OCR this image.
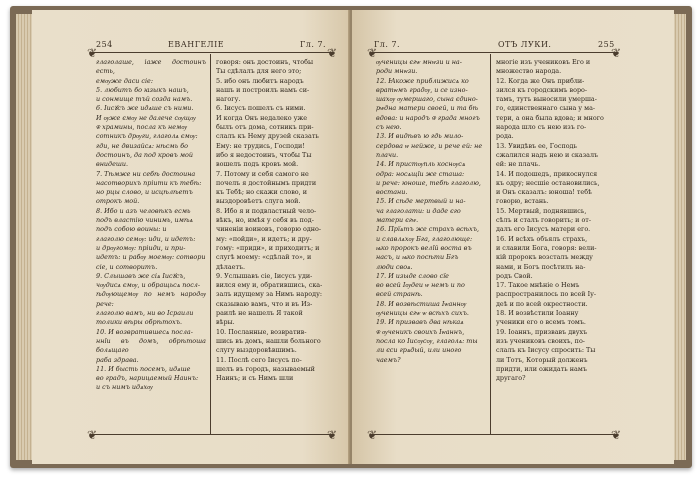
254	ЕВАНГЕЛІЕ	Гл. 7.
❦	❦
❦	❦

глаголаше, іаже достоинъ есть,
емѹже даси сіе:
5. любитъ бо ꙗзыкъ нашъ,
и сонмище тъй созда намъ.
6. Іисꙋсъ же идѧше съ ними.
И ѹже ємѹ не далече сѹщѹ
ѿ храмины, посла къ немѹ
сотникъ дрѹги, глаголѧ ємѹ:
гди, не двизайсѧ: нѣсмь бо
достоинъ, да под кровъ мой
внидеши.
7. Тѣмже ни себѣ достоина
насотворихъ пріити къ тебѣ:
но рцы слово, и исцѣлѣетъ
отрокъ мой.
8. Ибо и азъ человѣкъ есмь
подъ властію чинимь, имѣѧ
подъ собою воины: и
глаголю семѹ: иди, и идетъ:
и дрѹгомѹ: пріиди, и при-
идетъ: и рабѹ моемѹ: сотвори
сіе, и сотворитъ.
9. Слышавъ же сіѧ Іисꙋсъ,
чѹдисѧ ємѹ, и обращьсѧ посл-
ѣдѹющемѹ по немъ народѹ рече:
глаголю вамъ, ни во Ісраили
толики вѣры обрѣтохъ.
10. И возвратившесѧ посла-
ннїи въ домъ, обрѣтоша болѧщаго
раба здрава.
11. И бысть посемъ, идѧше
во градъ, нарицаемый Наинъ:
и съ нимъ идѧхѹ

говоря: онъ достоинъ, чтобы
Ты сдѣлалъ для него это;
5. ибо онъ любитъ народъ
нашъ и построилъ намъ си-
нагогу.
6. Іисусъ пошелъ съ ними.
И когда Онъ недалеко уже
былъ отъ дома, сотникъ при-
слалъ къ Нему друзей сказать
Ему: не трудись, Господи!
ибо я недостоинъ, чтобы Ты
вошелъ подъ кровъ мой.
7. Потому и себя самого не
почелъ я достойнымъ придти
къ Тебѣ; но скажи слово, и
выздоровѣетъ слуга мой.
8. Ибо я и подвластный чело-
вѣкъ, но, имѣя у себя въ под-
чиненіи воиновъ, говорю одно-
му: «пойди», и идетъ; и дру-
гому: «приди», и приходитъ; и
слугѣ моему: «сдѣлай то», и
дѣлаетъ.
9. Услышавъ сіе, Іисусъ уди-
вился ему и, обратившись, ска-
залъ идущему за Нимъ народу:
сказываю вамъ, что и въ Из-
раилѣ не нашелъ Я такой
вѣры.
10. Посланные, возвратив-
шись въ домъ, нашли больного
слугу выздоровѣвшимъ.
11. Послѣ сего Іисусъ по-
шелъ въ городъ, называемый
Наинъ; и съ Нимъ шли

Гл. 7.	ОТЪ ЛУКИ.	255
❦	❦
❦	❦

ѹченицы єгѡ мнѡзи и на-
роди мнѡзи.
12. Ꙗкоже приближисѧ ко
вратѡмъ градѹ, и се изно-
шахѹ ѹмершаго, сына єдино-
рѡдна матери своей, и та бѣ
вдова: и народъ ѿ града многъ
съ нею.
13. И видѣвъ ю гдь мило-
сердова ѡ нейже, и рече ей: не
плачи.
14. И пристѹпль коснѹсѧ
одра: носѧщїи же сташа:
и рече: юноше, тебѣ глаголю,
востани.
15. И сѣде мертвый и на-
ча глаголати: и даде єго
матери єгѡ.
16. Прїѧтъ же страхъ всѣхъ,
и славлѧхѹ Бга, глаголюще:
ѩко пророкъ велїй воста въ
насъ, и ѩко посѣти Бгъ
люди своѧ.
17. И изыде слово сїе
во всей Іѹдеи ѡ немъ и по
всей странѣ.
18. И возвѣстиша Іѡаннѹ
ѹченицы єгѡ ѡ всѣхъ сихъ.
19. И призвавъ два нѣкаѧ
ѿ ѹченикъ своихъ Іѡаннъ,
посла ко Іисѹсѹ, глаголѧ: ты
ли єси грѧдый, или иного
чаемъ?

многіе изъ учениковъ Его и
множество народа.
12. Когда же Онъ прибли-
зился къ городскимъ воро-
тамъ, тутъ выносили умерша-
го, единственнаго сына у ма-
тери, а она была вдова; и много
народа шло съ нею изъ го-
рода.
13. Увидѣвъ ее, Господь
сжалился надъ нею и сказалъ
ей: не плачь.
14. И подошедъ, прикоснулся
къ одру; несшіе остановились,
и Онъ сказалъ: юноша! тебѣ
говорю, встань.
15. Мертвый, поднявшись,
сѣлъ и сталъ говорить; и от-
далъ его Іисусъ матери его.
16. И всѣхъ объялъ страхъ,
и славили Бога, говоря: вели-
кій пророкъ возсталъ между
нами, и Богъ посѣтилъ на-
родъ Свой.
17. Такое мнѣніе о Немъ
распространилось по всей Іу-
деѣ и по всей окрестности.
18. И возвѣстили Іоанну
ученики его о всемъ томъ.
19. Іоаннъ, призвавъ двухъ
изъ учениковъ своихъ, по-
слалъ къ Іисусу спросить: Ты
ли Тотъ, Который долженъ
придти, или ожидать намъ
другаго?
